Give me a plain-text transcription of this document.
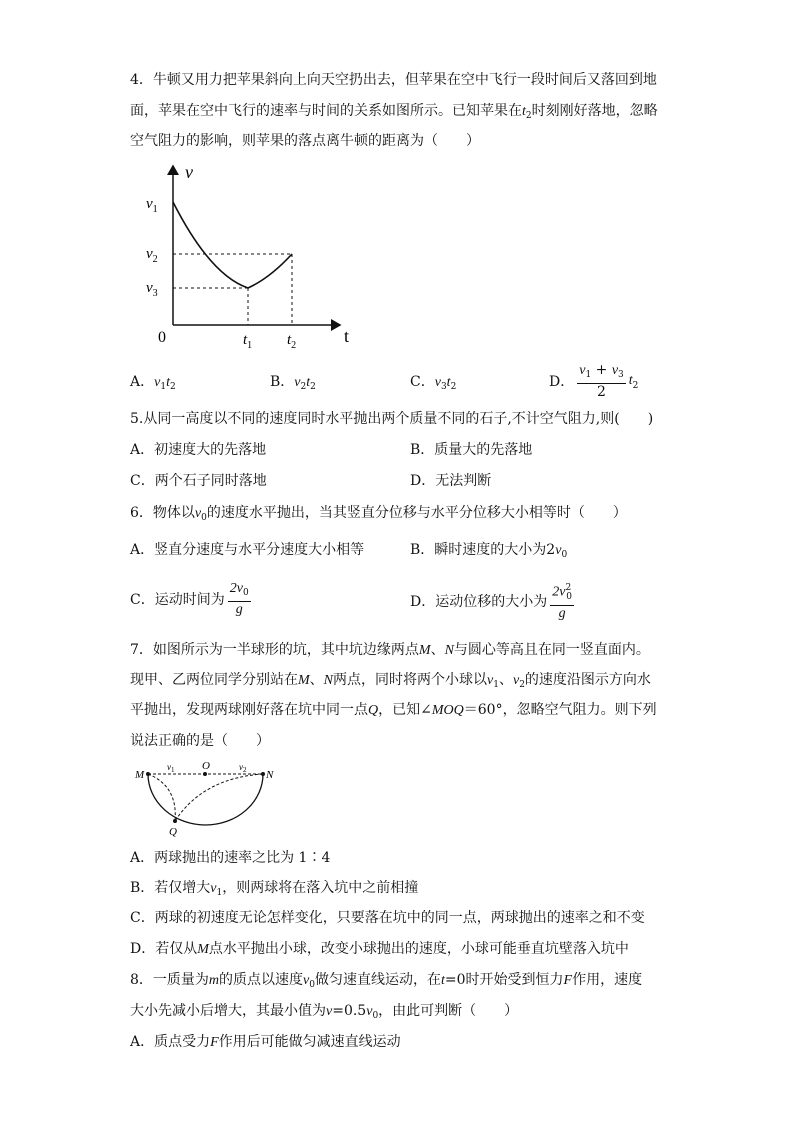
4．牛顿又用力把苹果斜向上向天空扔出去，但苹果在空中飞行一段时间后又落回到地
面，苹果在空中飞行的速率与时间的关系如图所示。已知苹果在$t_2$时刻刚好落地，忽略
空气阻力的影响，则苹果的落点离牛顿的距离为（　　）
v
t
0
$v_1$
$v_2$
$v_3$
$t_1$ $t_2$
A．$v_1t_2$	B．$v_2t_2$	C．$v_3t_2$	D． $\frac{v_1 + v_3}{2} t_2$
5.从同一高度以不同的速度同时水平抛出两个质量不同的石子,不计空气阻力,则(　　)
A．初速度大的先落地	B．质量大的先落地
C．两个石子同时落地	D．无法判断
6．物体以$v_0$的速度水平抛出，当其竖直分位移与水平分位移大小相等时（　　）
A．竖直分速度与水平分速度大小相等	B．瞬时速度的大小为$2v_0$
C．运动时间为 $\frac{2v_0}{g}$	D．运动位移的大小为 $\frac{2v^2_0}{g}$
7．如图所示为一半球形的坑，其中坑边缘两点M、N与圆心等高且在同一竖直面内。
现甲、乙两位同学分别站在M、N两点，同时将两个小球以$v_1$、$v_2$的速度沿图示方向水
平抛出，发现两球刚好落在坑中同一点Q，已知∠MOQ＝60°，忽略空气阻力。则下列
说法正确的是（　　）
M	N
O
Q
$v_1$	$v_2$
A．两球抛出的速率之比为 1∶4
B．若仅增大$v_1$，则两球将在落入坑中之前相撞
C．两球的初速度无论怎样变化，只要落在坑中的同一点，两球抛出的速率之和不变
D．若仅从M点水平抛出小球，改变小球抛出的速度，小球可能垂直坑壁落入坑中
8．一质量为m的质点以速度$v_0$做匀速直线运动，在t=0时开始受到恒力F作用，速度
大小先减小后增大，其最小值为$v=0.5v_0$，由此可判断（　　）
A．质点受力F作用后可能做匀减速直线运动
